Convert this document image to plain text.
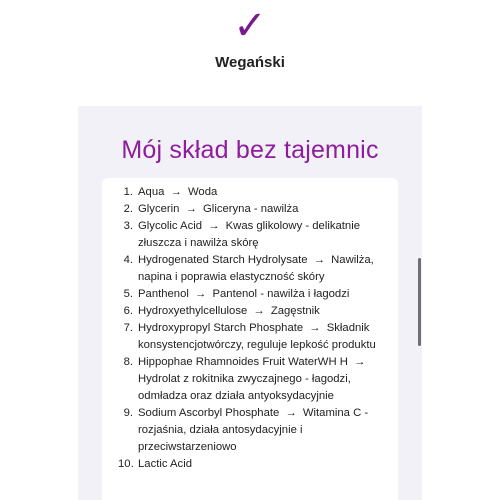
✓
Wegański
Mój skład bez tajemnic
1. Aqua → Woda
2. Glycerin → Gliceryna - nawilża
3. Glycolic Acid → Kwas glikolowy - delikatnie złuszcza i nawilża skórę
4. Hydrogenated Starch Hydrolysate → Nawilża, napina i poprawia elastyczność skóry
5. Panthenol → Pantenol - nawilża i łagodzi
6. Hydroxyethylcellulose → Zagęstnik
7. Hydroxypropyl Starch Phosphate → Składnik konsystencjotwórczy, reguluje lepkość produktu
8. Hippophae Rhamnoides Fruit WaterWH H → Hydrolat z rokitnika zwyczajnego - łagodzi, odmładza oraz działa antyoksydacyjnie
9. Sodium Ascorbyl Phosphate → Witamina C - rozjaśnia, działa antosydacyjnie i przeciwstarzeniowo
10. Lactic Acid
